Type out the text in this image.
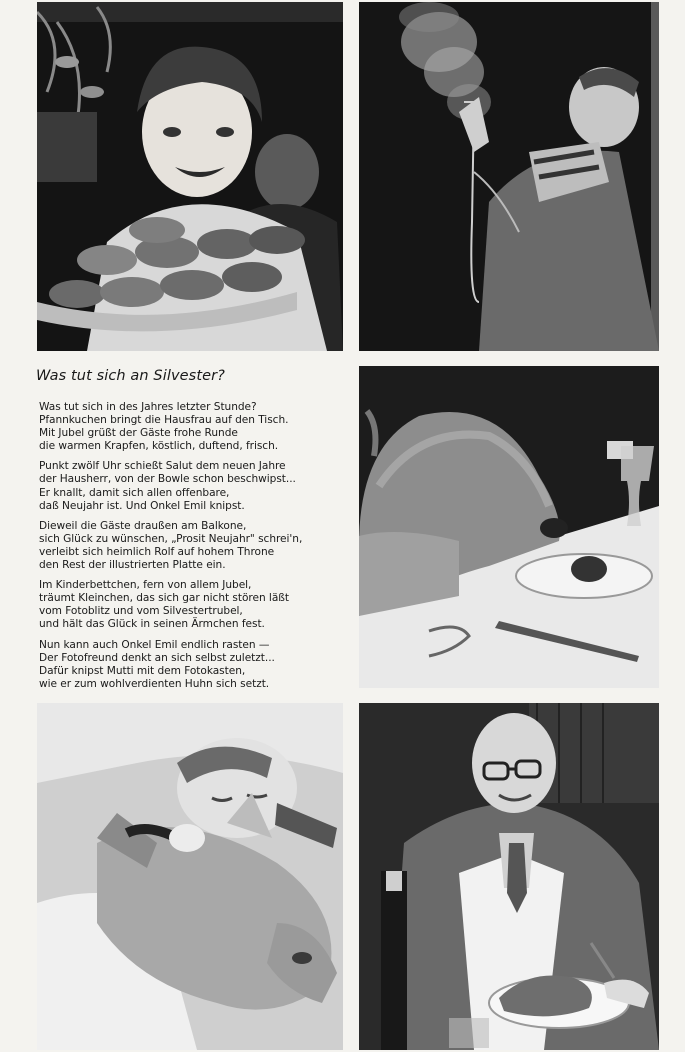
Was tut sich an Silvester?
Was tut sich in des Jahres letzter Stunde?
Pfannkuchen bringt die Hausfrau auf den Tisch.
Mit Jubel grüßt der Gäste frohe Runde
die warmen Krapfen, köstlich, duftend, frisch.
Punkt zwölf Uhr schießt Salut dem neuen Jahre
der Hausherr, von der Bowle schon beschwipst...
Er knallt, damit sich allen offenbare,
daß Neujahr ist. Und Onkel Emil knipst.
Dieweil die Gäste draußen am Balkone,
sich Glück zu wünschen, „Prosit Neujahr" schrei'n,
verleibt sich heimlich Rolf auf hohem Throne
den Rest der illustrierten Platte ein.
Im Kinderbettchen, fern von allem Jubel,
träumt Kleinchen, das sich gar nicht stören läßt
vom Fotoblitz und vom Silvestertrubel,
und hält das Glück in seinen Ärmchen fest.
Nun kann auch Onkel Emil endlich rasten —
Der Fotofreund denkt an sich selbst zuletzt...
Dafür knipst Mutti mit dem Fotokasten,
wie er zum wohlverdienten Huhn sich setzt.
